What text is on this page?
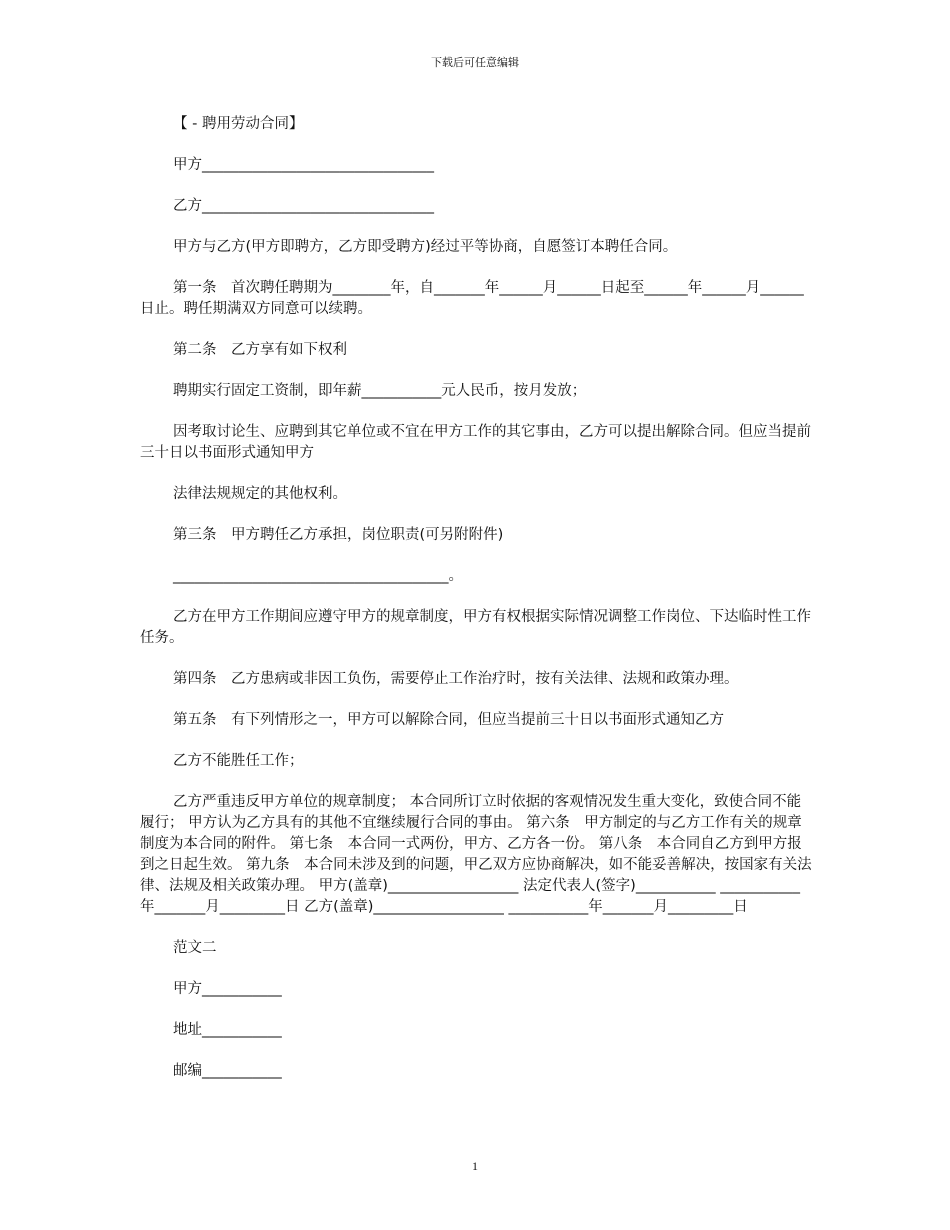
下载后可任意编辑

【 - 聘用劳动合同】

甲方________________________________

乙方________________________________

甲方与乙方(甲方即聘方，乙方即受聘方)经过平等协商，自愿签订本聘任合同。

第一条　首次聘任聘期为________年，自_______年______月______日起至______年______月______日止。聘任期满双方同意可以续聘。

第二条　乙方享有如下权利

聘期实行固定工资制，即年薪___________元人民币，按月发放；

因考取讨论生、应聘到其它单位或不宜在甲方工作的其它事由，乙方可以提出解除合同。但应当提前三十日以书面形式通知甲方

法律法规规定的其他权利。

第三条　甲方聘任乙方承担，岗位职责(可另附附件)

______________________________________。

乙方在甲方工作期间应遵守甲方的规章制度，甲方有权根据实际情况调整工作岗位、下达临时性工作任务。

第四条　乙方患病或非因工负伤，需要停止工作治疗时，按有关法律、法规和政策办理。

第五条　有下列情形之一，甲方可以解除合同，但应当提前三十日以书面形式通知乙方

乙方不能胜任工作；

乙方严重违反甲方单位的规章制度； 本合同所订立时依据的客观情况发生重大变化，致使合同不能履行； 甲方认为乙方具有的其他不宜继续履行合同的事由。 第六条　甲方制定的与乙方工作有关的规章制度为本合同的附件。 第七条　本合同一式两份，甲方、乙方各一份。 第八条　本合同自乙方到甲方报到之日起生效。 第九条　本合同未涉及到的问题，甲乙双方应协商解决，如不能妥善解决，按国家有关法律、法规及相关政策办理。 甲方(盖章)__________________ 法定代表人(签字)___________ ___________年_______月_________日 乙方(盖章)__________________ ___________年_______月_________日

范文二

甲方___________

地址___________

邮编___________

1
